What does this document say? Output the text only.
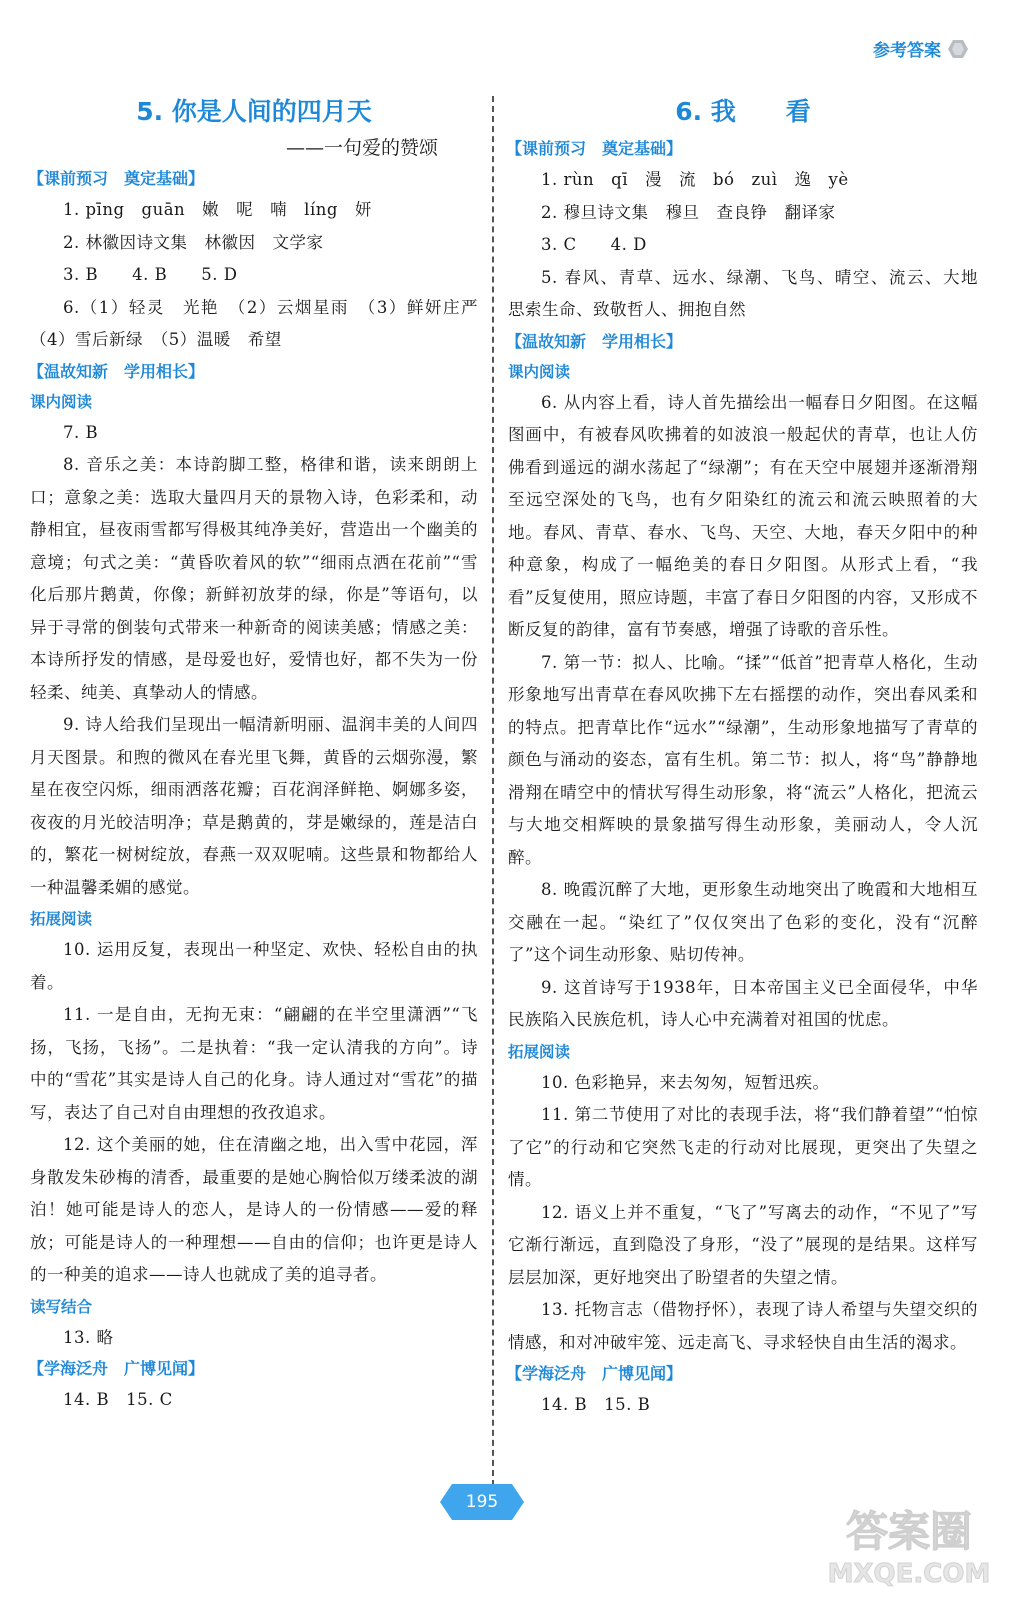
参考答案
5. 你是人间的四月天
——一句爱的赞颂
【课前预习　奠定基础】
1. pīng　guān　嫩　呢　喃　líng　妍
2. 林徽因诗文集　林徽因　文学家
3. B　　4. B　　5. D
6.（1）轻灵　光艳　（2）云烟星雨　（3）鲜妍庄严　（4）雪后新绿　（5）温暖　希望
【温故知新　学用相长】
课内阅读
7. B
8. 音乐之美：本诗韵脚工整，格律和谐，读来朗朗上口；意象之美：选取大量四月天的景物入诗，色彩柔和，动静相宜，昼夜雨雪都写得极其纯净美好，营造出一个幽美的意境；句式之美：“黄昏吹着风的软”“细雨点洒在花前”“雪化后那片鹅黄，你像；新鲜初放芽的绿，你是”等语句，以异于寻常的倒装句式带来一种新奇的阅读美感；情感之美：本诗所抒发的情感，是母爱也好，爱情也好，都不失为一份轻柔、纯美、真挚动人的情感。
9. 诗人给我们呈现出一幅清新明丽、温润丰美的人间四月天图景。和煦的微风在春光里飞舞，黄昏的云烟弥漫，繁星在夜空闪烁，细雨洒落花瓣；百花润泽鲜艳、婀娜多姿，夜夜的月光皎洁明净；草是鹅黄的，芽是嫩绿的，莲是洁白的，繁花一树树绽放，春燕一双双呢喃。这些景和物都给人一种温馨柔媚的感觉。
拓展阅读
10. 运用反复，表现出一种坚定、欢快、轻松自由的执着。
11. 一是自由，无拘无束：“翩翩的在半空里潇洒”“飞扬，飞扬，飞扬”。二是执着：“我一定认清我的方向”。诗中的“雪花”其实是诗人自己的化身。诗人通过对“雪花”的描写，表达了自己对自由理想的孜孜追求。
12. 这个美丽的她，住在清幽之地，出入雪中花园，浑身散发朱砂梅的清香，最重要的是她心胸恰似万缕柔波的湖泊！她可能是诗人的恋人，是诗人的一份情感——爱的释放；可能是诗人的一种理想——自由的信仰；也许更是诗人的一种美的追求——诗人也就成了美的追寻者。
读写结合
13. 略
【学海泛舟　广博见闻】
14. B　15. C
6. 我　　看
【课前预习　奠定基础】
1. rùn　qī　漫　流　bó　zuì　逸　yè
2. 穆旦诗文集　穆旦　查良铮　翻译家
3. C　　4. D
5. 春风、青草、远水、绿潮、飞鸟、晴空、流云、大地　思索生命、致敬哲人、拥抱自然
【温故知新　学用相长】
课内阅读
6. 从内容上看，诗人首先描绘出一幅春日夕阳图。在这幅图画中，有被春风吹拂着的如波浪一般起伏的青草，也让人仿佛看到遥远的湖水荡起了“绿潮”；有在天空中展翅并逐渐滑翔至远空深处的飞鸟，也有夕阳染红的流云和流云映照着的大地。春风、青草、春水、飞鸟、天空、大地，春天夕阳中的种种意象，构成了一幅绝美的春日夕阳图。从形式上看，“我看”反复使用，照应诗题，丰富了春日夕阳图的内容，又形成不断反复的韵律，富有节奏感，增强了诗歌的音乐性。
7. 第一节：拟人、比喻。“揉”“低首”把青草人格化，生动形象地写出青草在春风吹拂下左右摇摆的动作，突出春风柔和的特点。把青草比作“远水”“绿潮”，生动形象地描写了青草的颜色与涌动的姿态，富有生机。第二节：拟人，将“鸟”静静地滑翔在晴空中的情状写得生动形象，将“流云”人格化，把流云与大地交相辉映的景象描写得生动形象，美丽动人，令人沉醉。
8. 晚霞沉醉了大地，更形象生动地突出了晚霞和大地相互交融在一起。“染红了”仅仅突出了色彩的变化，没有“沉醉了”这个词生动形象、贴切传神。
9. 这首诗写于1938年，日本帝国主义已全面侵华，中华民族陷入民族危机，诗人心中充满着对祖国的忧虑。
拓展阅读
10. 色彩艳异，来去匆匆，短暂迅疾。
11. 第二节使用了对比的表现手法，将“我们静着望”“怕惊了它”的行动和它突然飞走的行动对比展现，更突出了失望之情。
12. 语义上并不重复，“飞了”写离去的动作，“不见了”写它渐行渐远，直到隐没了身形，“没了”展现的是结果。这样写层层加深，更好地突出了盼望者的失望之情。
13. 托物言志（借物抒怀），表现了诗人希望与失望交织的情感，和对冲破牢笼、远走高飞、寻求轻快自由生活的渴求。
【学海泛舟　广博见闻】
14. B　15. B
195
答案圈
MXQE.COM
